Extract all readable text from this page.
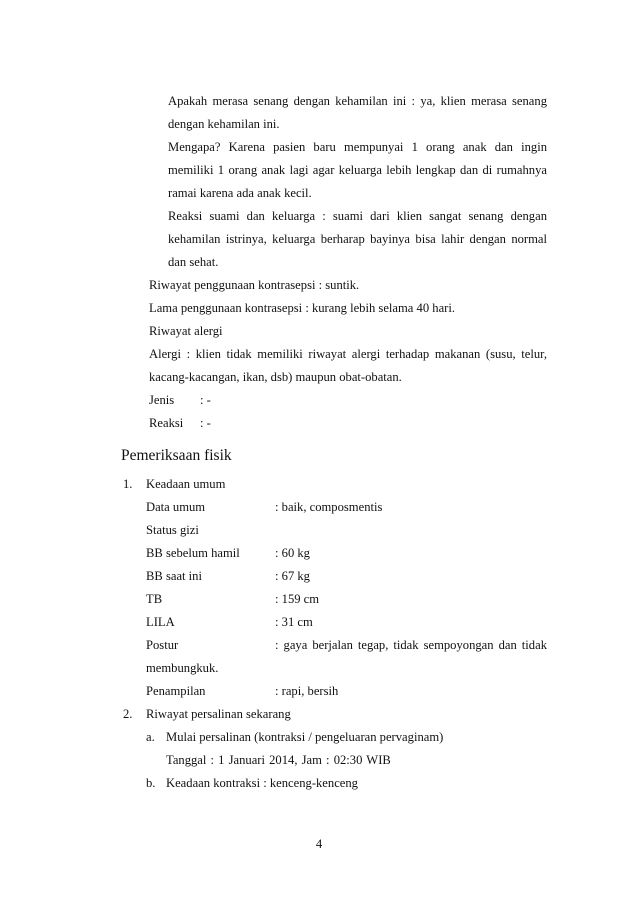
Apakah merasa senang dengan kehamilan ini : ya, klien merasa senang
dengan kehamilan ini.
Mengapa? Karena pasien baru mempunyai 1 orang anak dan ingin
memiliki 1 orang anak lagi agar keluarga lebih lengkap dan di rumahnya
ramai karena ada anak kecil.
Reaksi suami dan keluarga : suami dari klien sangat senang dengan
kehamilan istrinya, keluarga berharap bayinya bisa lahir dengan normal
dan sehat.
Riwayat penggunaan kontrasepsi : suntik.
Lama penggunaan kontrasepsi : kurang lebih selama 40 hari.
Riwayat alergi
Alergi : klien tidak memiliki riwayat alergi terhadap makanan (susu, telur,
kacang-kacangan, ikan, dsb) maupun obat-obatan.
Jenis : -
Reaksi : -
Pemeriksaan fisik
1. Keadaan umum
Data umum	: baik, composmentis
Status gizi
BB sebelum hamil	: 60 kg
BB saat ini	: 67 kg
TB	: 159 cm
LILA	: 31 cm
Postur	: gaya berjalan tegap, tidak sempoyongan dan tidak
membungkuk.
Penampilan	: rapi, bersih
2. Riwayat persalinan sekarang
a. Mulai persalinan (kontraksi / pengeluaran pervaginam)
Tanggal : 1 Januari 2014, Jam : 02:30 WIB
b. Keadaan kontraksi : kenceng-kenceng
4
